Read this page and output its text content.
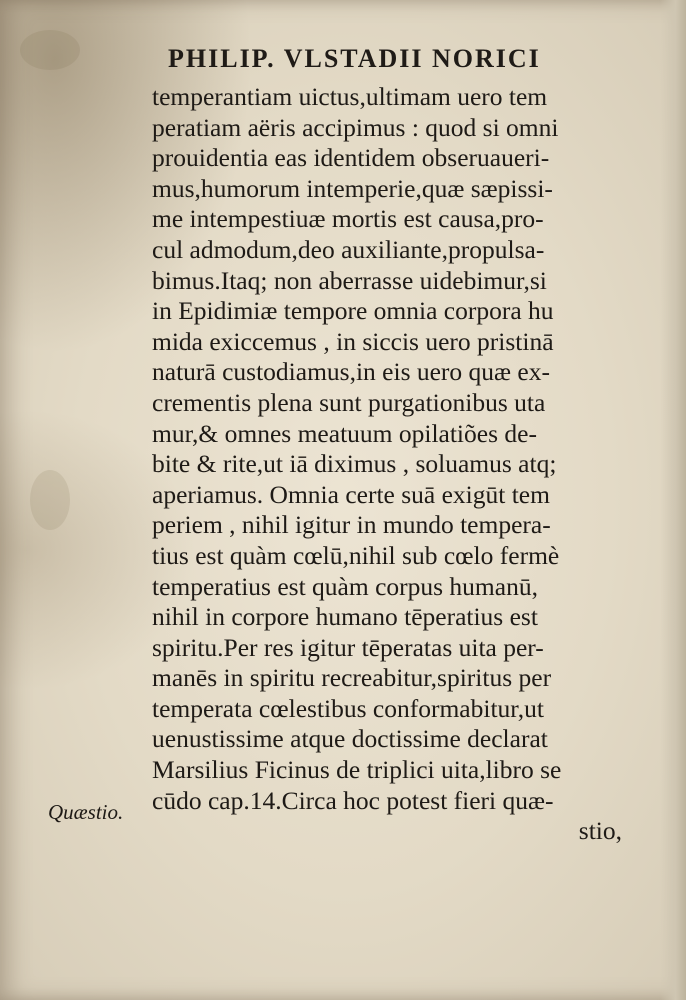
PHILIP. VLSTADII NORICI
temperantiam uictus,ultimam uero tem
peratiam aëris accipimus : quod si omni
prouidentia eas identidem obseruaueri-
mus,humorum intemperie,quæ sæpissi-
me intempestiuæ mortis est causa,pro-
cul admodum,deo auxiliante,propulsa-
bimus.Itaq; non aberrasse uidebimur,si
in Epidimiæ tempore omnia corpora hu
mida exiccemus , in siccis uero pristinā
naturā custodiamus,in eis uero quæ ex-
crementis plena sunt purgationibus uta
mur,& omnes meatuum opilatiões de-
bite & rite,ut iā diximus , soluamus atq;
aperiamus. Omnia certe suā exigūt tem
periem , nihil igitur in mundo tempera-
tius est quàm cœlū,nihil sub cœlo fermè
temperatius est quàm corpus humanū,
nihil in corpore humano tēperatius est
spiritu.Per res igitur tēperatas uita per-
manēs in spiritu recreabitur,spiritus per
temperata cœlestibus conformabitur,ut
uenustissime atque doctissime declarat
Marsilius Ficinus de triplici uita,libro se
cūdo cap.14.Circa hoc potest fieri quæ-
stio,
Quæstio.
